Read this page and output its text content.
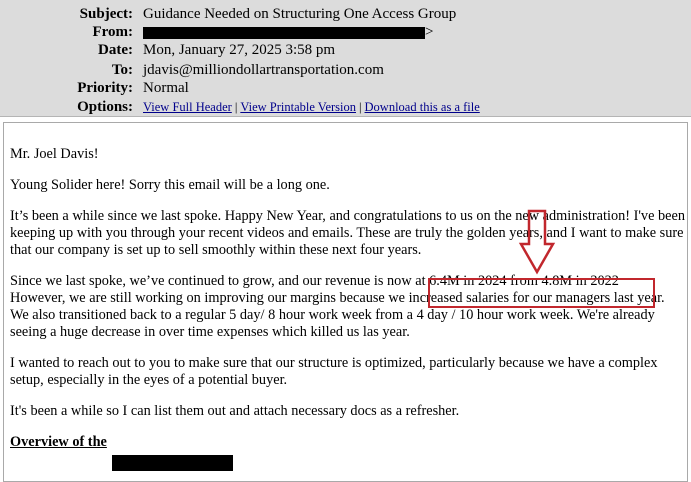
Subject: Guidance Needed on Structuring One Access Group
From:	>
Date: Mon, January 27, 2025 3:58 pm
To: jdavis@milliondollartransportation.com
Priority: Normal
Options: View Full Header | View Printable Version | Download this as a file

Mr. Joel Davis!

Young Solider here! Sorry this email will be a long one.

It’s been a while since we last spoke. Happy New Year, and congratulations to us on the new administration! I've been keeping up with you through your recent videos and emails. These are truly the golden years, and I want to make sure that our company is set up to sell smoothly within these next four years.

Since we last spoke, we’ve continued to grow, and our revenue is now at 6.4M in 2024 from 4.8M in 2022
However, we are still working on improving our margins because we increased salaries for our managers last year. We also transitioned back to a regular 5 day/ 8 hour work week from a 4 day / 10 hour work week. We're already seeing a huge decrease in over time expenses which killed us las year.

I wanted to reach out to you to make sure that our structure is optimized, particularly because we have a complex setup, especially in the eyes of a potential buyer.

It's been a while so I can list them out and attach necessary docs as a refresher.

Overview of the
